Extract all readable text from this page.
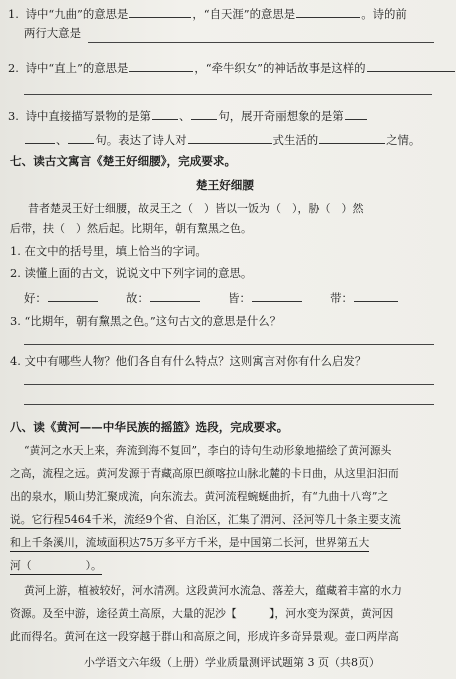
1. 诗中“九曲”的意思是	，“自天涯”的意思是	。诗的前
两行大意是
2. 诗中“直上”的意思是	，“牵牛织女”的神话故事是这样的
3. 诗中直接描写景物的是第 、 句，展开奇丽想象的是第
、 句。表达了诗人对	式生活的	之情。
七、读古文寓言《楚王好细腰》，完成要求。
楚王好细腰
昔者楚灵王好士细腰，故灵王之（　）皆以一饭为（　），胁（　）然
后带，扶（　）然后起。比期年，朝有黧黑之色。
1. 在文中的括号里，填上恰当的字词。
2. 读懂上面的古文，说说文中下列字词的意思。
好：	故：	皆：	带：
3. “比期年，朝有黧黑之色。”这句古文的意思是什么？
4. 文中有哪些人物？他们各自有什么特点？这则寓言对你有什么启发？
八、读《黄河——中华民族的摇篮》选段，完成要求。
“黄河之水天上来，奔流到海不复回”，李白的诗句生动形象地描绘了黄河源头
之高，流程之远。黄河发源于青藏高原巴颜喀拉山脉北麓的卡日曲，从这里汩汩而
出的泉水，顺山势汇聚成流，向东流去。黄河流程蜿蜒曲折，有“九曲十八弯”之
说。它行程5464千米，流经9个省、自治区，汇集了渭河、泾河等几十条主要支流
和上千条溪川，流域面积达75万多平方千米，是中国第二长河，世界第五大
河（　　　　　）。
黄河上游，植被较好，河水清冽。这段黄河水流急、落差大，蕴藏着丰富的水力
资源。及至中游，途径黄土高原，大量的泥沙【　　　】，河水变为深黄，黄河因
此而得名。黄河在这一段穿越于群山和高原之间，形成许多奇异景观。壶口两岸高
小学语文六年级（上册）学业质量测评试题第 3 页（共8页）
